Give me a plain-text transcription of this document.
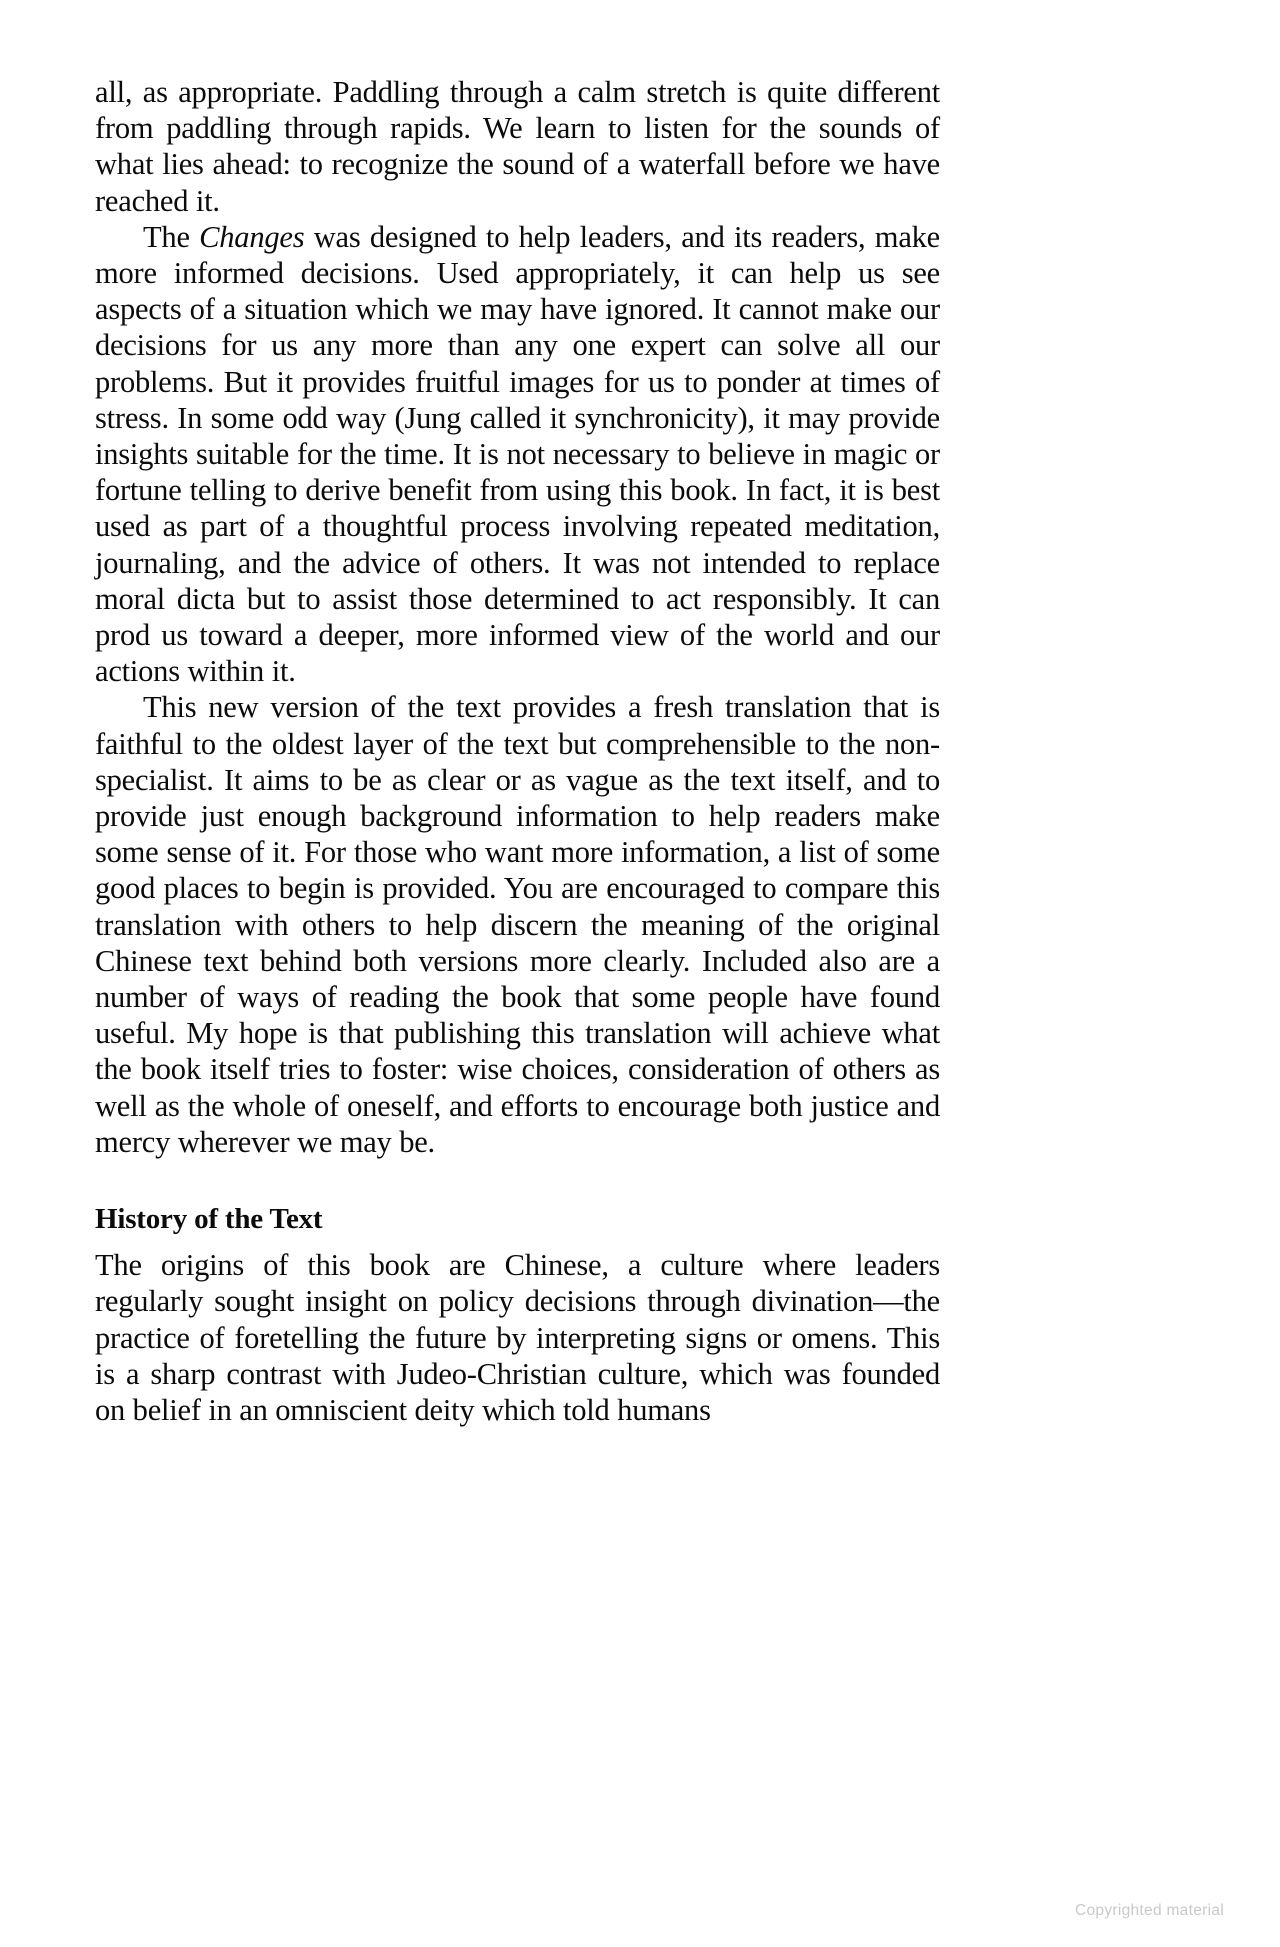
all, as appropriate. Paddling through a calm stretch is quite different from paddling through rapids. We learn to listen for the sounds of what lies ahead: to recognize the sound of a waterfall before we have reached it.

The Changes was designed to help leaders, and its readers, make more informed decisions. Used appropriately, it can help us see aspects of a situation which we may have ignored. It cannot make our decisions for us any more than any one expert can solve all our problems. But it provides fruitful images for us to ponder at times of stress. In some odd way (Jung called it synchronicity), it may provide insights suitable for the time. It is not necessary to believe in magic or fortune telling to derive benefit from using this book. In fact, it is best used as part of a thoughtful process involving repeated meditation, journaling, and the advice of others. It was not intended to replace moral dicta but to assist those determined to act responsibly. It can prod us toward a deeper, more informed view of the world and our actions within it.

This new version of the text provides a fresh translation that is faithful to the oldest layer of the text but comprehensible to the non-specialist. It aims to be as clear or as vague as the text itself, and to provide just enough background information to help readers make some sense of it. For those who want more information, a list of some good places to begin is provided. You are encouraged to compare this translation with others to help discern the meaning of the original Chinese text behind both versions more clearly. Included also are a number of ways of reading the book that some people have found useful. My hope is that publishing this translation will achieve what the book itself tries to foster: wise choices, consideration of others as well as the whole of oneself, and efforts to encourage both justice and mercy wherever we may be.

History of the Text

The origins of this book are Chinese, a culture where leaders regularly sought insight on policy decisions through divination—the practice of foretelling the future by interpreting signs or omens. This is a sharp contrast with Judeo-Christian culture, which was founded on belief in an omniscient deity which told humans

Copyrighted material
